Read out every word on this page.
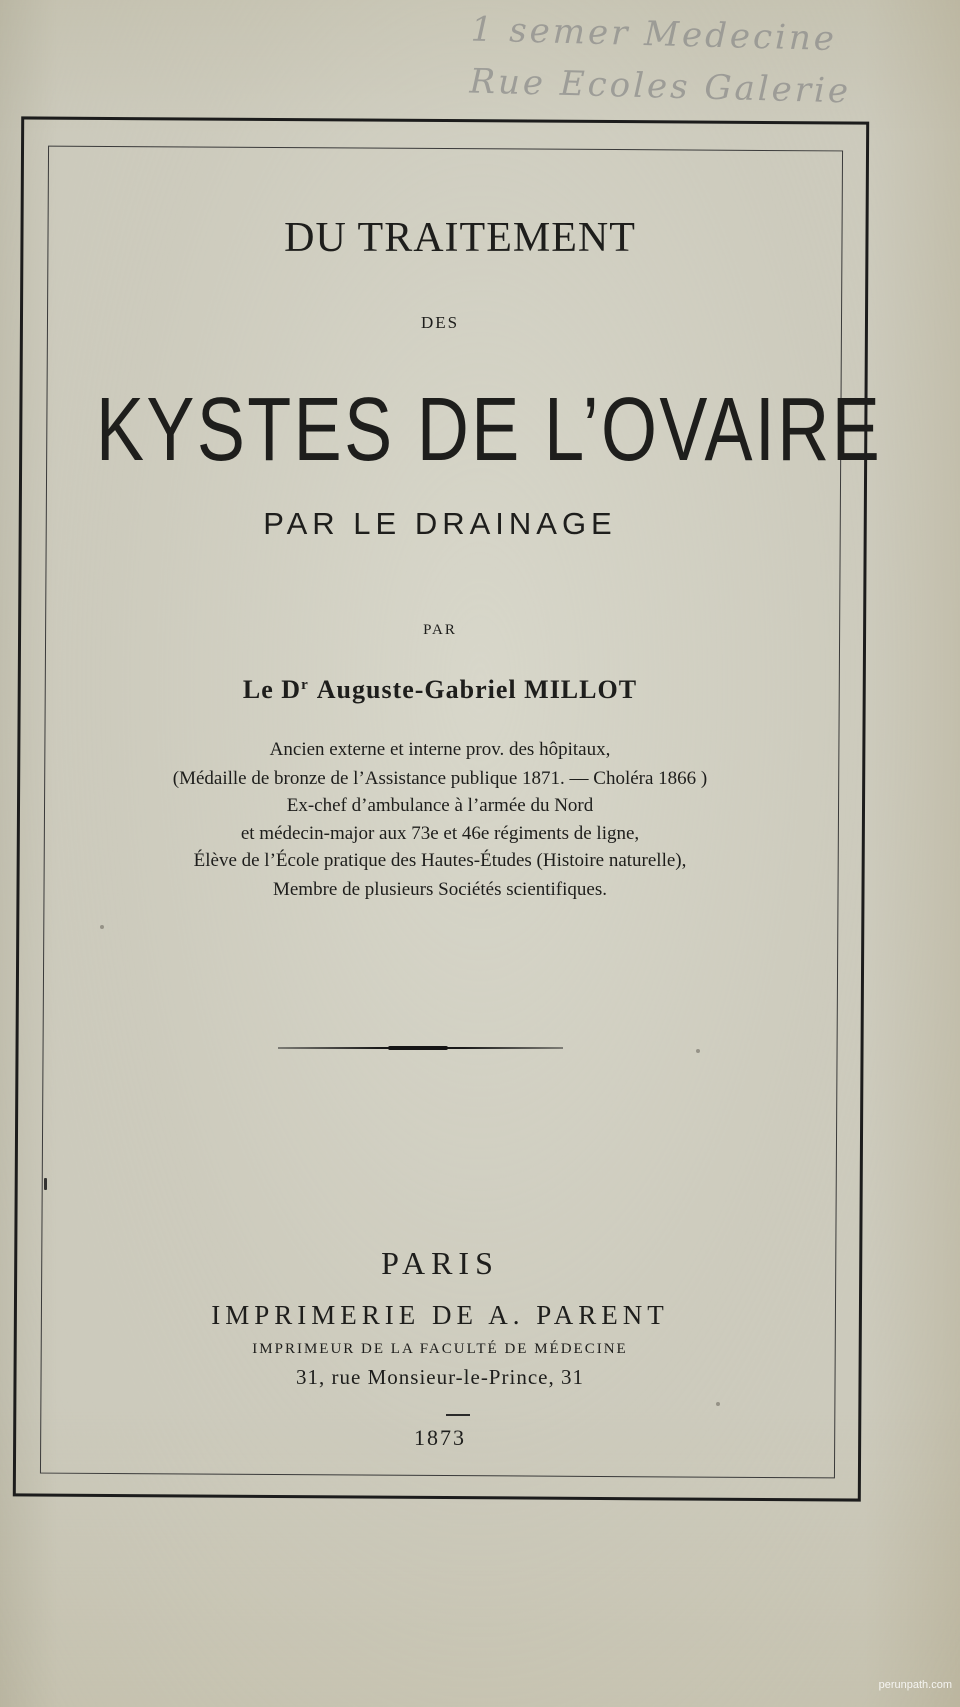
1 semer Medecine
Rue Ecoles Galerie
DU TRAITEMENT
DES
KYSTES DE L’OVAIRE
PAR LE DRAINAGE
PAR
Le $D^r$ Auguste-Gabriel MILLOT
Ancien externe et interne prov. des hôpitaux,
(Médaille de bronze de l’Assistance publique 1871. — Choléra 1866 )
Ex-chef d’ambulance à l’armée du Nord
et médecin-major aux 73e et 46e régiments de ligne,
Élève de l’École pratique des Hautes-Études (Histoire naturelle),
Membre de plusieurs Sociétés scientifiques.
PARIS
IMPRIMERIE DE A. PARENT
IMPRIMEUR DE LA FACULTÉ DE MÉDECINE
31, rue Monsieur-le-Prince, 31
1873
perunpath.com
